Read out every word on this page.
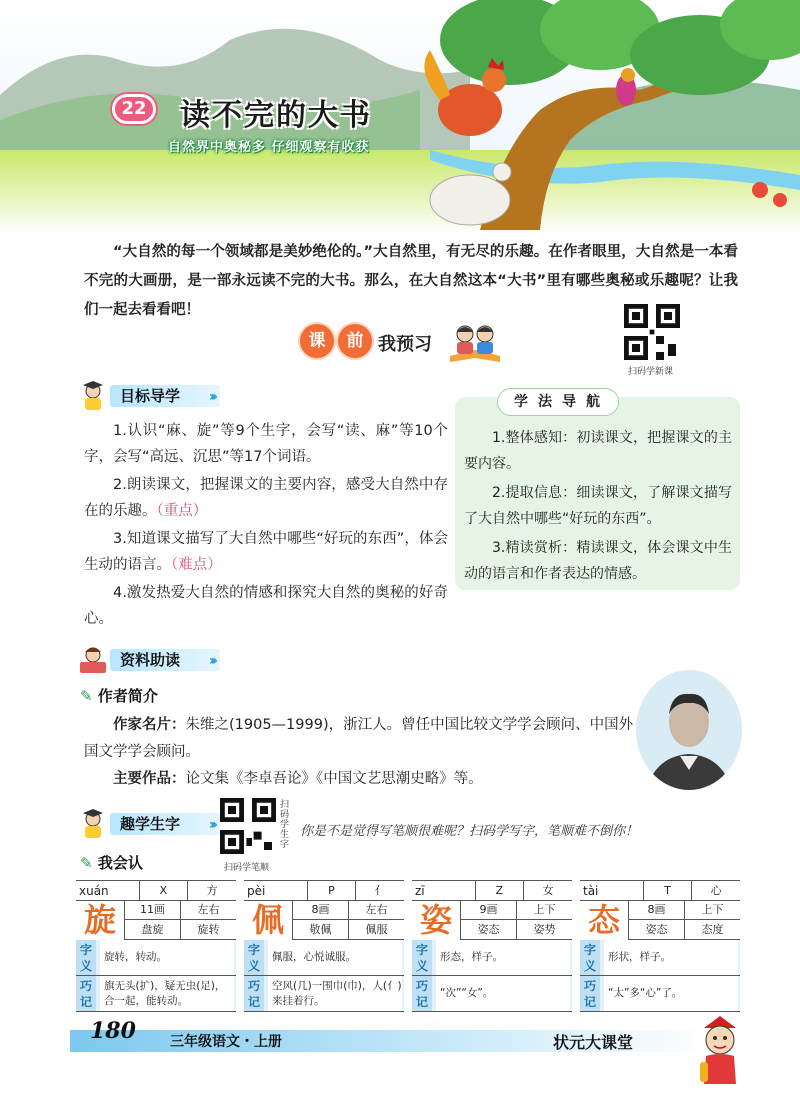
22	读不完的大书
自然界中奥秘多 仔细观察有收获

“大自然的每一个领域都是美妙绝伦的。”大自然里，有无尽的乐趣。在作者眼里，大自然是一本看不完的大画册，是一部永远读不完的大书。那么，在大自然这本“大书”里有哪些奥秘或乐趣呢？让我们一起去看看吧！

课	前 我预习
扫码学新课
目标导学 ›››

1.认识“麻、旋”等9个生字，会写“读、麻”等10个字，会写“高远、沉思”等17个词语。

2.朗读课文，把握课文的主要内容，感受大自然中存在的乐趣。（重点）

3.知道课文描写了大自然中哪些“好玩的东西”，体会生动的语言。（难点）

4.激发热爱大自然的情感和探究大自然的奥秘的好奇心。

学法导航

1.整体感知：初读课文，把握课文的主要内容。

2.提取信息：细读课文，了解课文描写了大自然中哪些“好玩的东西”。

3.精读赏析：精读课文，体会课文中生动的语言和作者表达的情感。

资料助读 ›››
✎ 作者简介

作家名片：朱维之(1905—1999)，浙江人。曾任中国比较文学学会顾问、中国外国文学学会顾问。

主要作品：论文集《李卓吾论》《中国文艺思潮史略》等。

趣学生字 ›››
扫码学生字
扫码学笔顺
你是不是觉得写笔顺很难呢？扫码学写字，笔顺难不倒你！
✎ 我会认
xuán	X	方
旋	11画	左右
盘旋	旋转
字义
旋转，转动。
巧记
旗无头(扩)，疑无虫(足)，合一起，能转动。
pèi	P	亻
佩	8画	左右
敬佩	佩服
字义
佩服，心悦诚服。
巧记
空风(几)一围巾(巾)，人(亻)来挂着行。
zī	Z	女
姿	9画	上下
姿态	姿势
字义
形态，样子。
巧记
“次”“女”。
tài	T	心
态	8画	上下
姿态	态度
字义
形状，样子。
巧记
“太”多“心”了。
180 三年级语文・上册	状元大课堂
